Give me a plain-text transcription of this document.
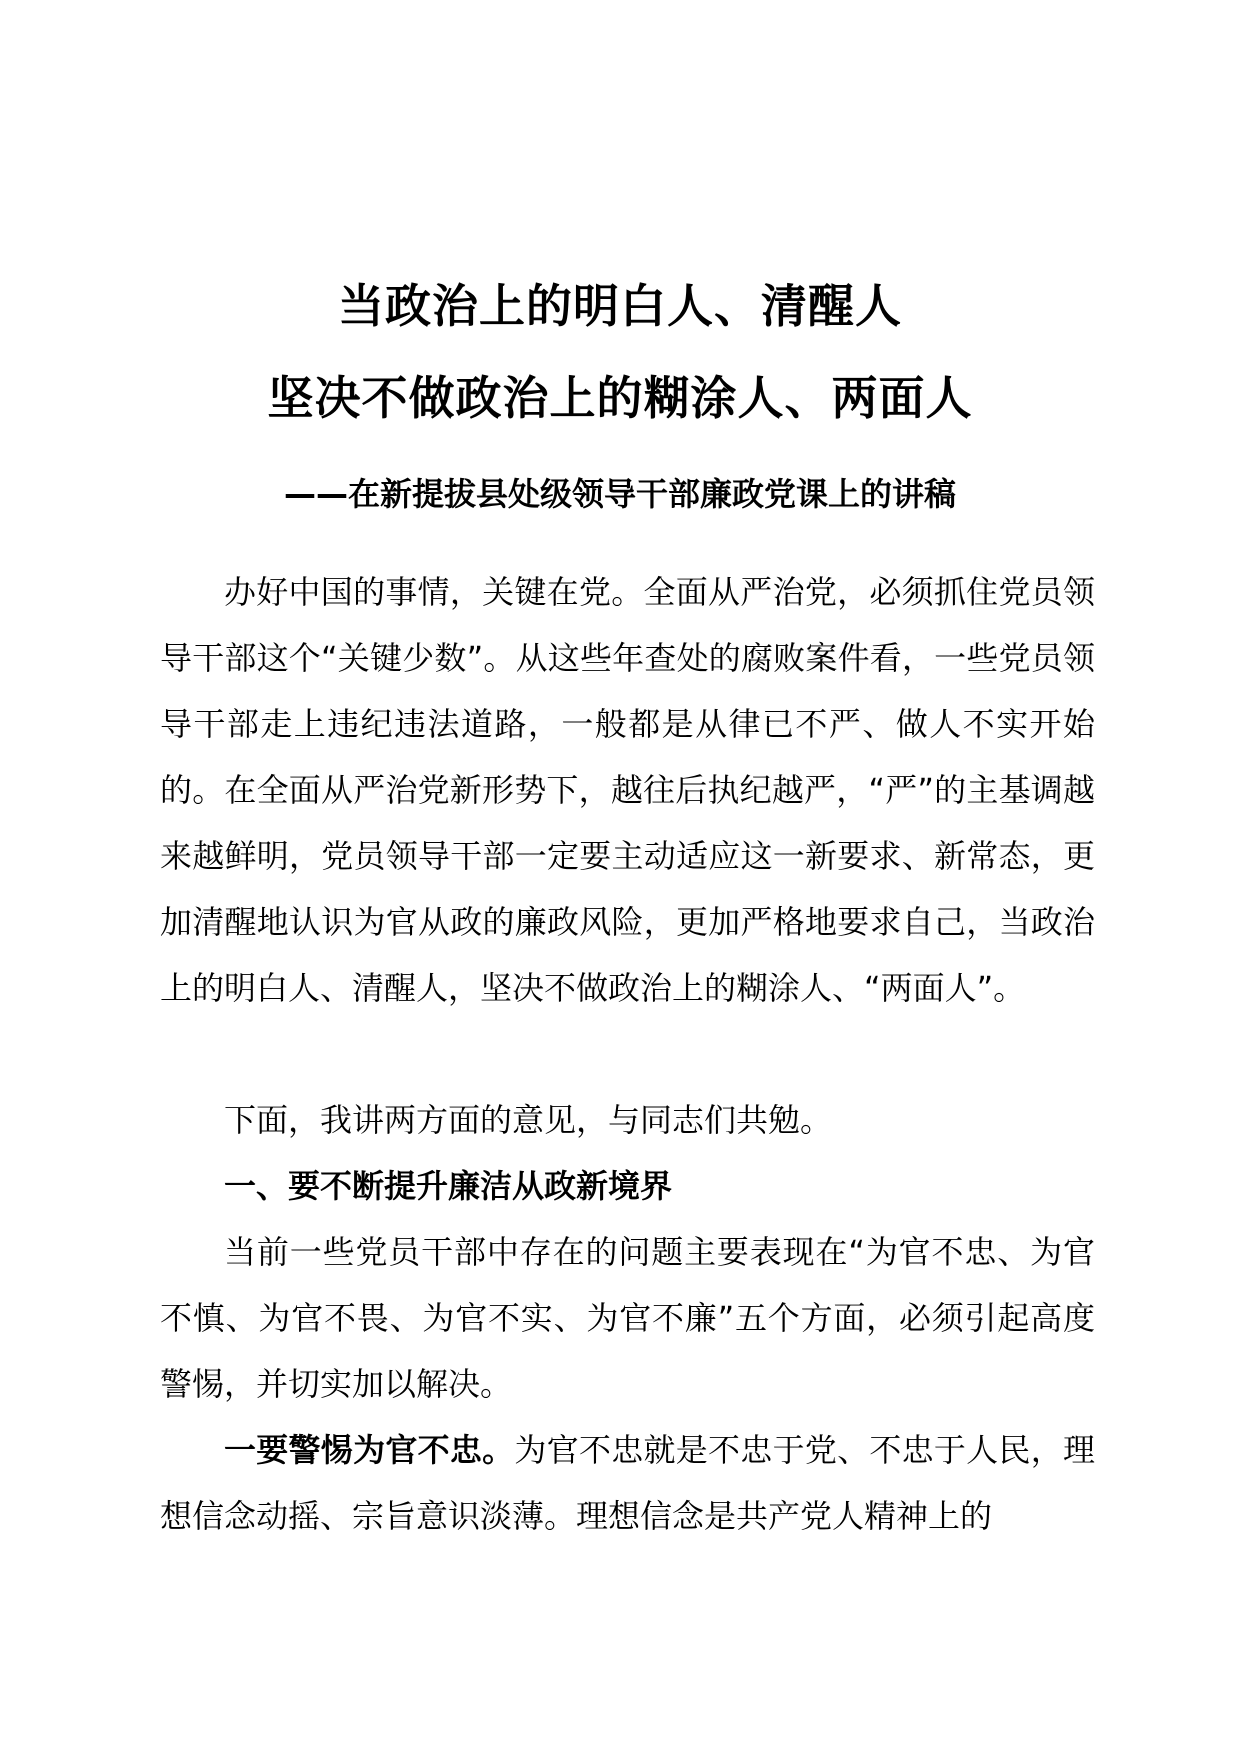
当政治上的明白人、清醒人
坚决不做政治上的糊涂人、两面人
——在新提拔县处级领导干部廉政党课上的讲稿

办好中国的事情，关键在党。全面从严治党，必须抓住党员领导干部这个“关键少数”。从这些年查处的腐败案件看，一些党员领导干部走上违纪违法道路，一般都是从律已不严、做人不实开始的。在全面从严治党新形势下，越往后执纪越严，“严”的主基调越来越鲜明，党员领导干部一定要主动适应这一新要求、新常态，更加清醒地认识为官从政的廉政风险，更加严格地要求自己，当政治上的明白人、清醒人，坚决不做政治上的糊涂人、“两面人”。

下面，我讲两方面的意见，与同志们共勉。

一、要不断提升廉洁从政新境界

当前一些党员干部中存在的问题主要表现在“为官不忠、为官不慎、为官不畏、为官不实、为官不廉”五个方面，必须引起高度警惕，并切实加以解决。

一要警惕为官不忠。为官不忠就是不忠于党、不忠于人民，理想信念动摇、宗旨意识淡薄。理想信念是共产党人精神上的
